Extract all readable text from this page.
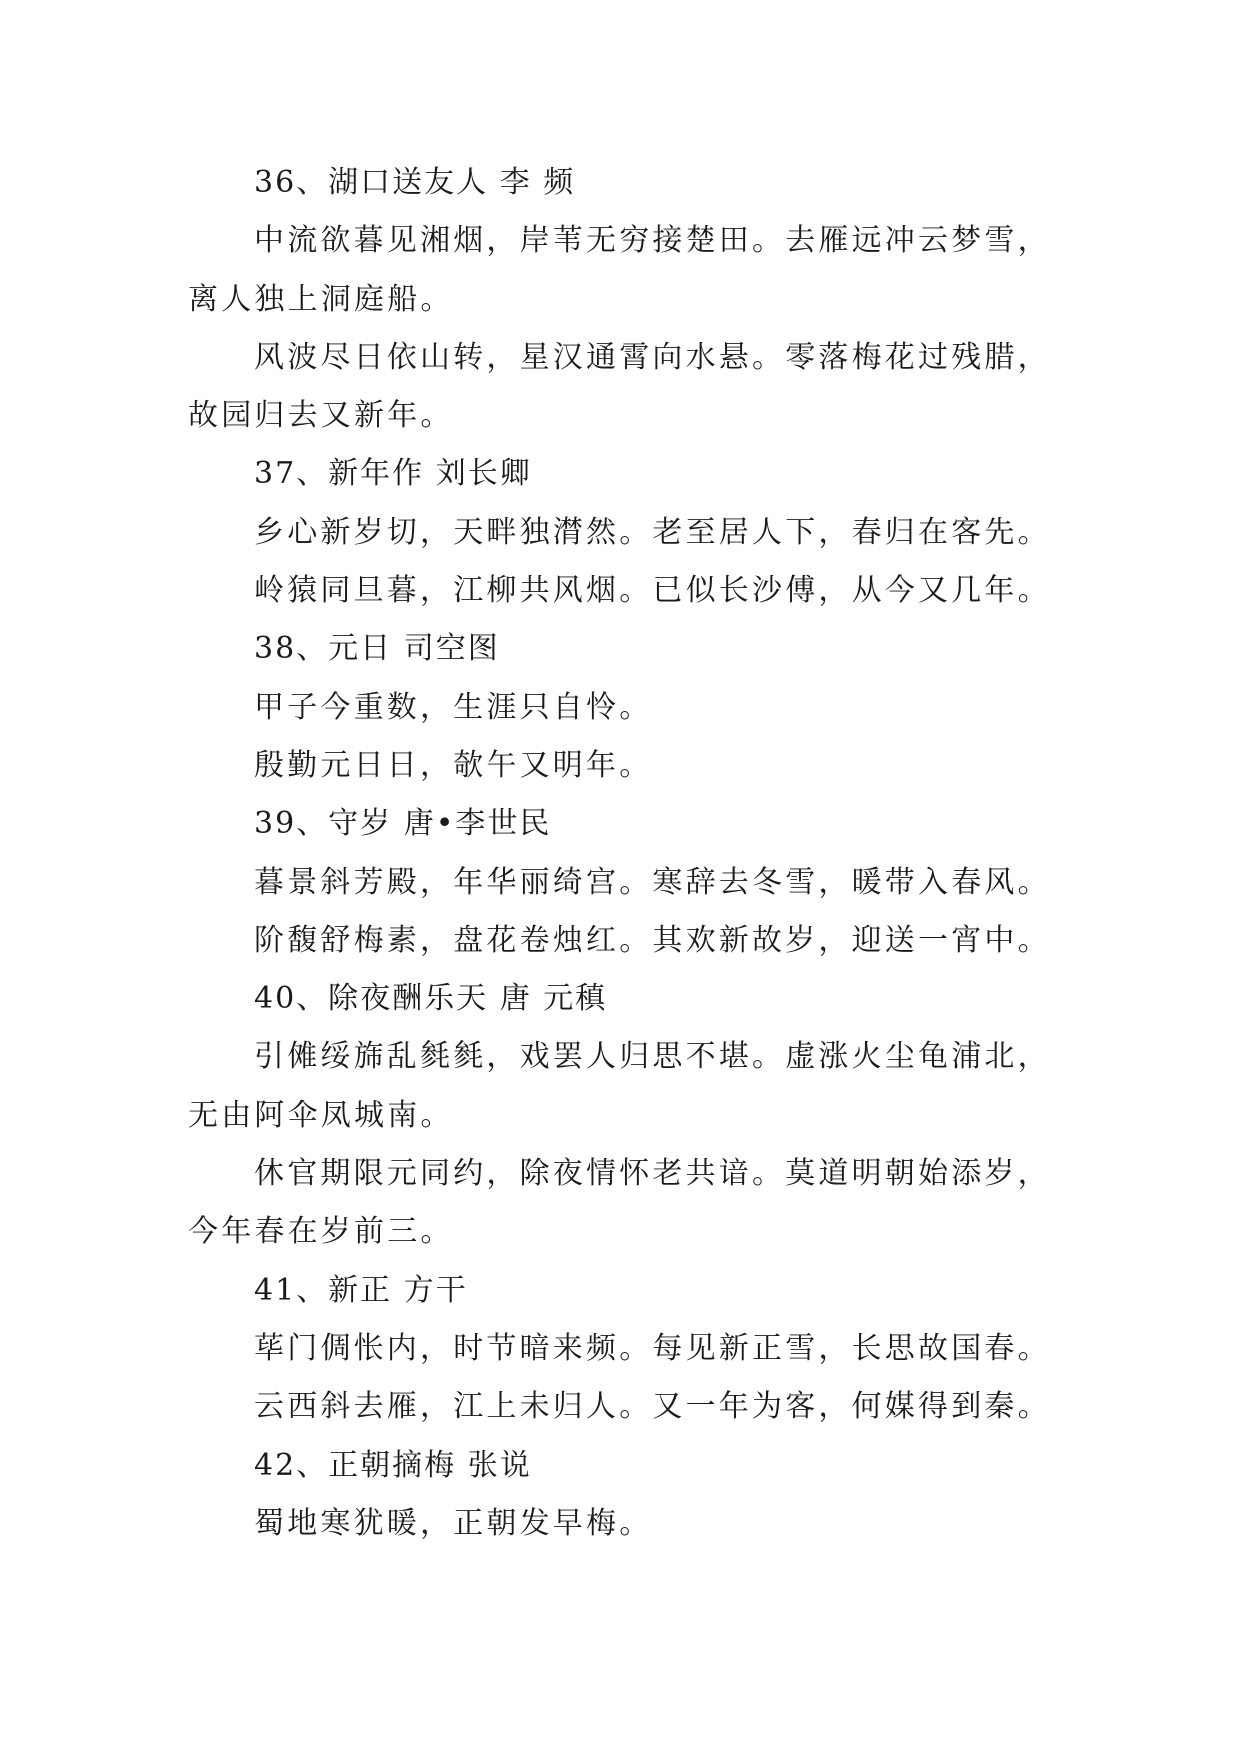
36、湖口送友人 李 频

中流欲暮见湘烟，岸苇无穷接楚田。去雁远冲云梦雪，

离人独上洞庭船。

风波尽日依山转，星汉通霄向水悬。零落梅花过残腊，

故园归去又新年。

37、新年作 刘长卿

乡心新岁切，天畔独潸然。老至居人下，春归在客先。

岭猿同旦暮，江柳共风烟。已似长沙傅，从今又几年。

38、元日 司空图

甲子今重数，生涯只自怜。

殷勤元日日，欹午又明年。

39、守岁 唐•李世民

暮景斜芳殿，年华丽绮宫。寒辞去冬雪，暖带入春风。

阶馥舒梅素，盘花卷烛红。其欢新故岁，迎送一宵中。

40、除夜酬乐天 唐 元稹

引傩绥旆乱毵毵，戏罢人归思不堪。虚涨火尘龟浦北，

无由阿伞凤城南。

休官期限元同约，除夜情怀老共谙。莫道明朝始添岁，

今年春在岁前三。

41、新正 方干

荜门倜怅内，时节暗来频。每见新正雪，长思故国春。

云西斜去雁，江上未归人。又一年为客，何媒得到秦。

42、正朝摘梅 张说

蜀地寒犹暖，正朝发早梅。
